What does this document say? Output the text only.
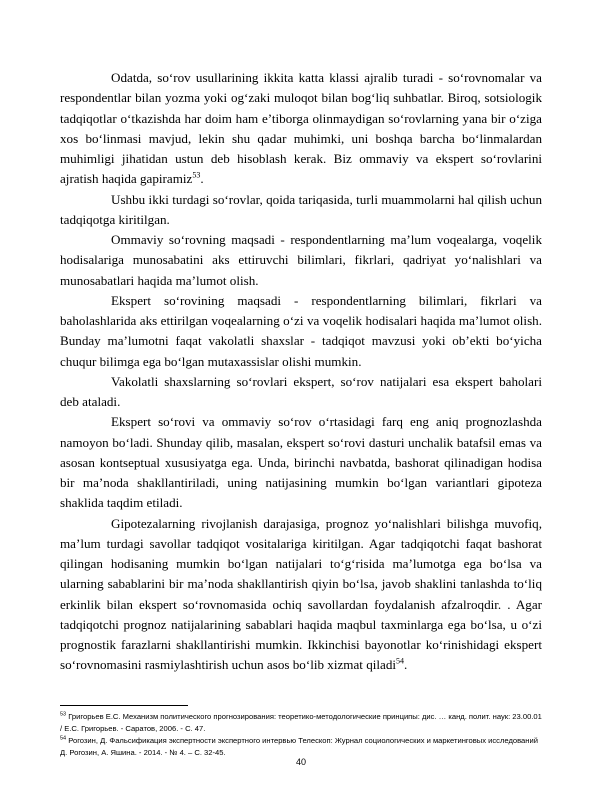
Odatda, so‘rov usullarining ikkita katta klassi ajralib turadi - so‘rovnomalar va respondentlar bilan yozma yoki og‘zaki muloqot bilan bog‘liq suhbatlar. Biroq, sotsiologik tadqiqotlar o‘tkazishda har doim ham e’tiborga olinmaydigan so‘rovlarning yana bir o‘ziga xos bo‘linmasi mavjud, lekin shu qadar muhimki, uni boshqa barcha bo‘linmalardan muhimligi jihatidan ustun deb hisoblash kerak. Biz ommaviy va ekspert so‘rovlarini ajratish haqida gapiramiz$^{53}$.

Ushbu ikki turdagi so‘rovlar, qoida tariqasida, turli muammolarni hal qilish uchun tadqiqotga kiritilgan.

Ommaviy so‘rovning maqsadi - respondentlarning ma’lum voqealarga, voqelik hodisalariga munosabatini aks ettiruvchi bilimlari, fikrlari, qadriyat yo‘nalishlari va munosabatlari haqida ma’lumot olish.

Ekspert so‘rovining maqsadi - respondentlarning bilimlari, fikrlari va baholashlarida aks ettirilgan voqealarning o‘zi va voqelik hodisalari haqida ma’lumot olish. Bunday ma’lumotni faqat vakolatli shaxslar - tadqiqot mavzusi yoki ob’ekti bo‘yicha chuqur bilimga ega bo‘lgan mutaxassislar olishi mumkin.

Vakolatli shaxslarning so‘rovlari ekspert, so‘rov natijalari esa ekspert baholari deb ataladi.

Ekspert so‘rovi va ommaviy so‘rov o‘rtasidagi farq eng aniq prognozlashda namoyon bo‘ladi. Shunday qilib, masalan, ekspert so‘rovi dasturi unchalik batafsil emas va asosan kontseptual xususiyatga ega. Unda, birinchi navbatda, bashorat qilinadigan hodisa bir ma’noda shakllantiriladi, uning natijasining mumkin bo‘lgan variantlari gipoteza shaklida taqdim etiladi.

Gipotezalarning rivojlanish darajasiga, prognoz yo‘nalishlari bilishga muvofiq, ma’lum turdagi savollar tadqiqot vositalariga kiritilgan. Agar tadqiqotchi faqat bashorat qilingan hodisaning mumkin bo‘lgan natijalari to‘g‘risida ma’lumotga ega bo‘lsa va ularning sabablarini bir ma’noda shakllantirish qiyin bo‘lsa, javob shaklini tanlashda to‘liq erkinlik bilan ekspert so‘rovnomasida ochiq savollardan foydalanish afzalroqdir. . Agar tadqiqotchi prognoz natijalarining sabablari haqida maqbul taxminlarga ega bo‘lsa, u o‘zi prognostik farazlarni shakllantirishi mumkin. Ikkinchisi bayonotlar ko‘rinishidagi ekspert so‘rovnomasini rasmiylashtirish uchun asos bo‘lib xizmat qiladi$^{54}$.

$^{53}$ Григорьев Е.С. Механизм политического прогнозирования: теоретико-методологические принципы: дис. … канд. полит. наук: 23.00.01 / Е.С. Григорьев. - Саратов, 2006. - С. 47.

$^{54}$ Рогозин, Д. Фальсификация экспертности экспертного интервью Телескоп: Журнал социологических и маркетинговых исследований Д. Рогозин, А. Яшина. - 2014. - № 4. – С. 32-45.

40
